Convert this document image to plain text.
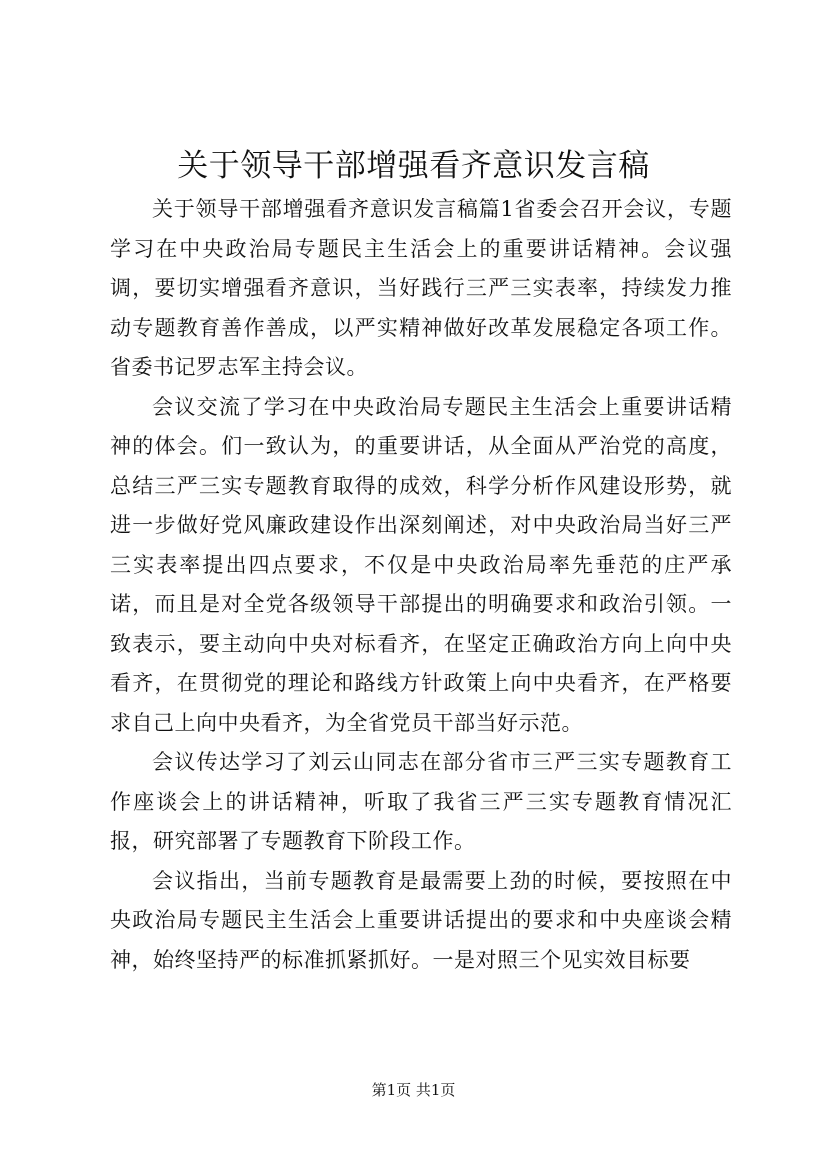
关于领导干部增强看齐意识发言稿

关于领导干部增强看齐意识发言稿篇1省委会召开会议，专题学习在中央政治局专题民主生活会上的重要讲话精神。会议强调，要切实增强看齐意识，当好践行三严三实表率，持续发力推动专题教育善作善成，以严实精神做好改革发展稳定各项工作。省委书记罗志军主持会议。

会议交流了学习在中央政治局专题民主生活会上重要讲话精神的体会。们一致认为，的重要讲话，从全面从严治党的高度，总结三严三实专题教育取得的成效，科学分析作风建设形势，就进一步做好党风廉政建设作出深刻阐述，对中央政治局当好三严三实表率提出四点要求，不仅是中央政治局率先垂范的庄严承诺，而且是对全党各级领导干部提出的明确要求和政治引领。一致表示，要主动向中央对标看齐，在坚定正确政治方向上向中央看齐，在贯彻党的理论和路线方针政策上向中央看齐，在严格要求自己上向中央看齐，为全省党员干部当好示范。

会议传达学习了刘云山同志在部分省市三严三实专题教育工作座谈会上的讲话精神，听取了我省三严三实专题教育情况汇报，研究部署了专题教育下阶段工作。

会议指出，当前专题教育是最需要上劲的时候，要按照在中央政治局专题民主生活会上重要讲话提出的要求和中央座谈会精神，始终坚持严的标准抓紧抓好。一是对照三个见实效目标要

第1页 共1页
